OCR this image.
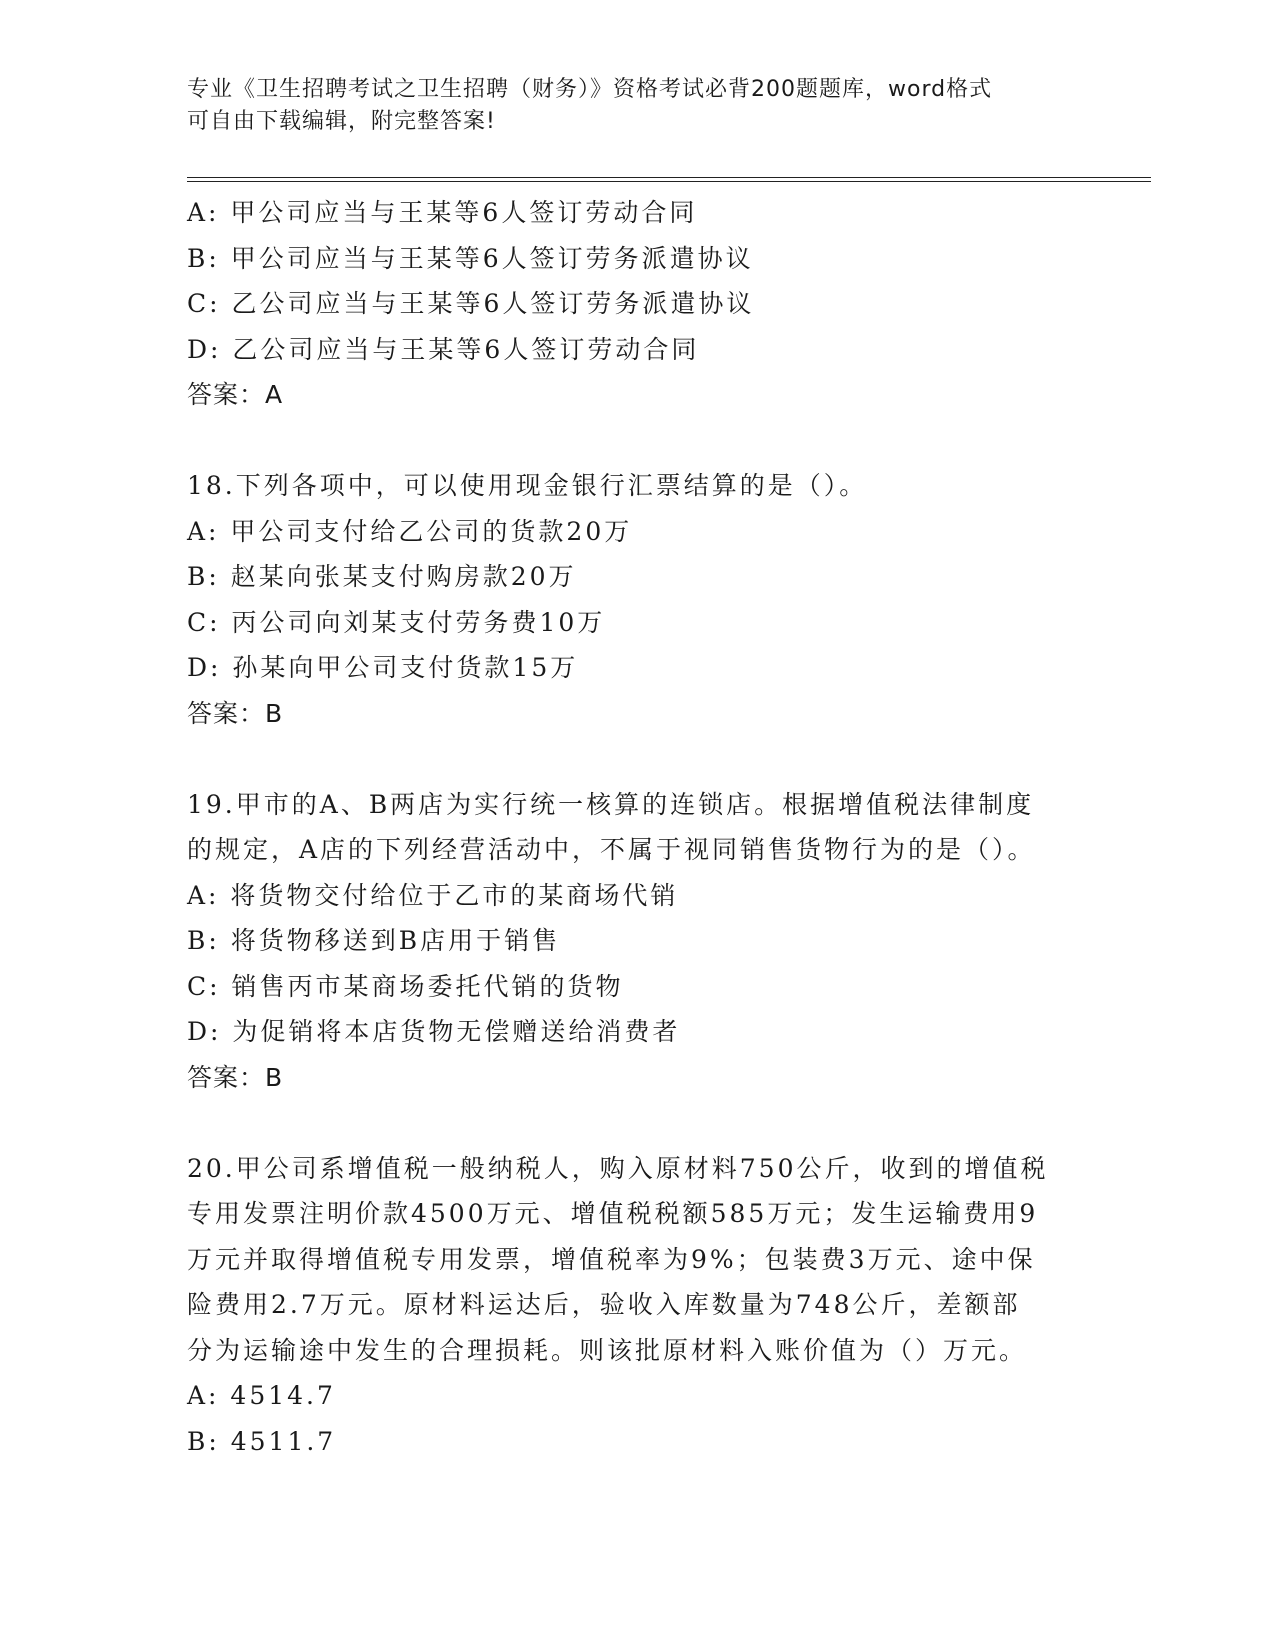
专业《卫生招聘考试之卫生招聘（财务）》资格考试必背200题题库，word格式
可自由下载编辑，附完整答案!
A: 甲公司应当与王某等6人签订劳动合同
B: 甲公司应当与王某等6人签订劳务派遣协议
C: 乙公司应当与王某等6人签订劳务派遣协议
D: 乙公司应当与王某等6人签订劳动合同
答案：A
18.下列各项中，可以使用现金银行汇票结算的是（）。
A: 甲公司支付给乙公司的货款20万
B: 赵某向张某支付购房款20万
C: 丙公司向刘某支付劳务费10万
D: 孙某向甲公司支付货款15万
答案：B
19.甲市的A、B两店为实行统一核算的连锁店。根据增值税法律制度
的规定，A店的下列经营活动中，不属于视同销售货物行为的是（）。
A: 将货物交付给位于乙市的某商场代销
B: 将货物移送到B店用于销售
C: 销售丙市某商场委托代销的货物
D: 为促销将本店货物无偿赠送给消费者
答案：B
20.甲公司系增值税一般纳税人，购入原材料750公斤，收到的增值税
专用发票注明价款4500万元、增值税税额585万元；发生运输费用9
万元并取得增值税专用发票，增值税率为9%；包装费3万元、途中保
险费用2.7万元。原材料运达后，验收入库数量为748公斤，差额部
分为运输途中发生的合理损耗。则该批原材料入账价值为（）万元。
A: 4514.7
B: 4511.7
